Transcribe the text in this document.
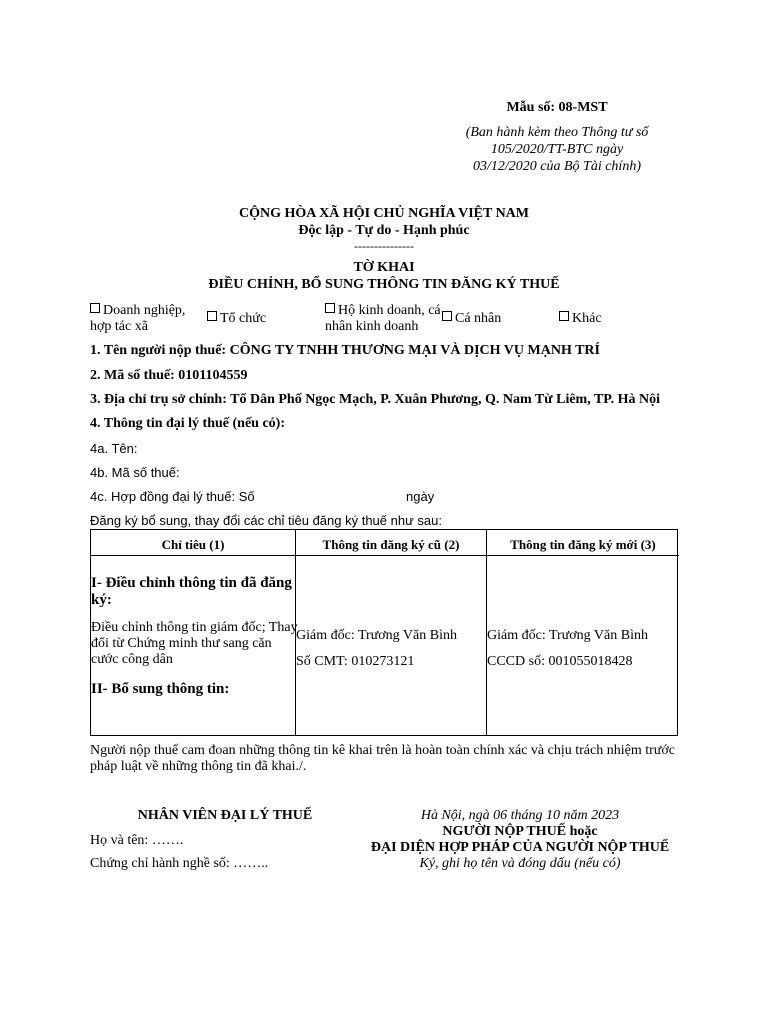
Mẫu số: 08-MST
(Ban hành kèm theo Thông tư số
105/2020/TT-BTC ngày
03/12/2020 của Bộ Tài chính)
CỘNG HÒA XÃ HỘI CHỦ NGHĨA VIỆT NAM
Độc lập - Tự do - Hạnh phúc
---------------
TỜ KHAI
ĐIỀU CHỈNH, BỔ SUNG THÔNG TIN ĐĂNG KÝ THUẾ
Doanh nghiệp,
hợp tác xã
Tổ chức
Hộ kinh doanh, cá
nhân kinh doanh
Cá nhân	Khác
1. Tên người nộp thuế: CÔNG TY TNHH THƯƠNG MẠI VÀ DỊCH VỤ MẠNH TRÍ
2. Mã số thuế: 0101104559
3. Địa chỉ trụ sở chính: Tổ Dân Phố Ngọc Mạch, P. Xuân Phương, Q. Nam Từ Liêm, TP. Hà Nội
4. Thông tin đại lý thuế (nếu có):
4a. Tên:
4b. Mã số thuế:
4c. Hợp đồng đại lý thuế: Số	ngày
Đăng ký bổ sung, thay đổi các chỉ tiêu đăng ký thuế như sau:
Chỉ tiêu (1)
I- Điều chỉnh thông tin đã đăng ký:
Điều chỉnh thông tin giám đốc; Thay đổi từ Chứng minh thư sang căn cước công dân
II- Bổ sung thông tin:
Thông tin đăng ký cũ (2)
Giám đốc: Trương Văn Bình
Số CMT: 010273121
Thông tin đăng ký mới (3)
Giám đốc: Trương Văn Bình
CCCD số: 001055018428
Người nộp thuế cam đoan những thông tin kê khai trên là hoàn toàn chính xác và chịu trách nhiệm trước pháp luật về những thông tin đã khai./.
NHÂN VIÊN ĐẠI LÝ THUẾ
Họ và tên: …….
Chứng chỉ hành nghề số: ……..
Hà Nội, ngà 06 tháng 10 năm 2023
NGƯỜI NỘP THUẾ hoặc
ĐẠI DIỆN HỢP PHÁP CỦA NGƯỜI NỘP THUẾ
Ký, ghi họ tên và đóng dấu (nếu có)
